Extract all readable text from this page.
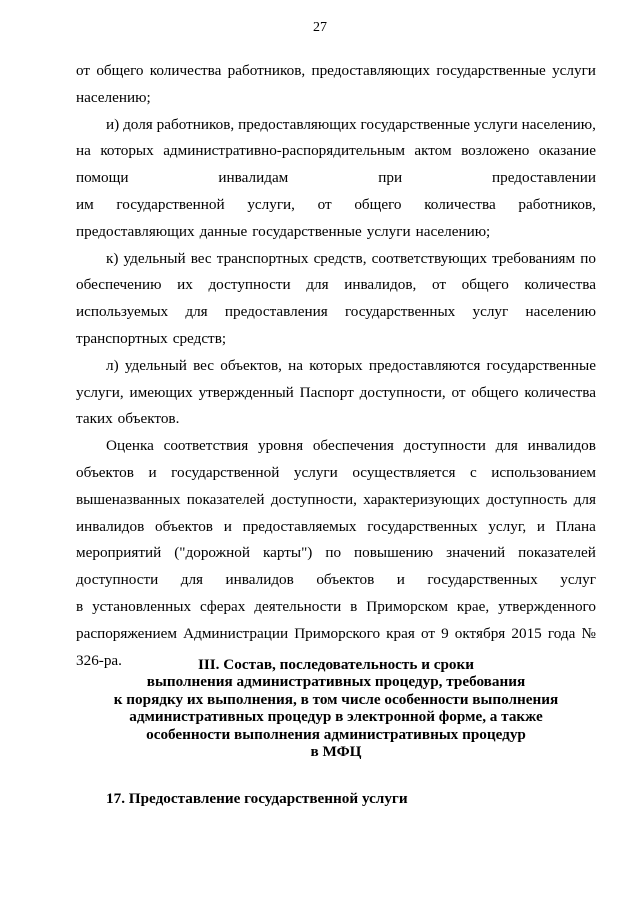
27
от общего количества работников, предоставляющих государственные услуги
населению;
и) доля работников, предоставляющих государственные услуги населению,
на которых административно-распорядительным актом возложено оказание
помощи	инвалидам	при	предоставлении
им государственной услуги, от общего количества работников,
предоставляющих данные государственные услуги населению;
к) удельный вес транспортных средств, соответствующих требованиям по
обеспечению их доступности для инвалидов, от общего количества
используемых для предоставления государственных услуг населению
транспортных средств;
л) удельный вес объектов, на которых предоставляются государственные
услуги, имеющих утвержденный Паспорт доступности, от общего количества
таких объектов.
Оценка соответствия уровня обеспечения доступности для инвалидов
объектов и государственной услуги осуществляется с использованием
вышеназванных показателей доступности, характеризующих доступность для
инвалидов объектов и предоставляемых государственных услуг, и Плана
мероприятий ("дорожной карты") по повышению значений показателей
доступности для инвалидов объектов и государственных услуг
в установленных сферах деятельности в Приморском крае, утвержденного
распоряжением Администрации Приморского края от 9 октября 2015 года №
326-ра.	III. Состав, последовательность и сроки
выполнения административных процедур, требования
к порядку их выполнения, в том числе особенности выполнения
административных процедур в электронной форме, а также
особенности выполнения административных процедур
в МФЦ
17. Предоставление государственной услуги
